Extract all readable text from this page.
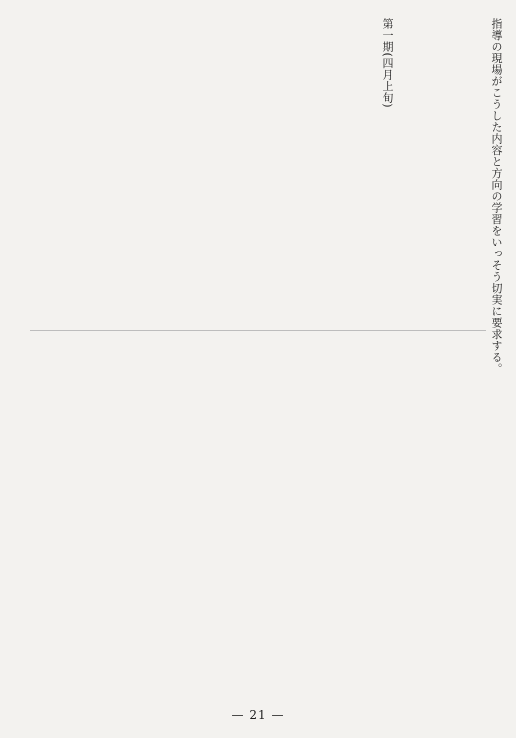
指導の現場がこうした内容と方向の学習をいっそう切実に要求する。
第一期(四月上旬)
— 21 —
